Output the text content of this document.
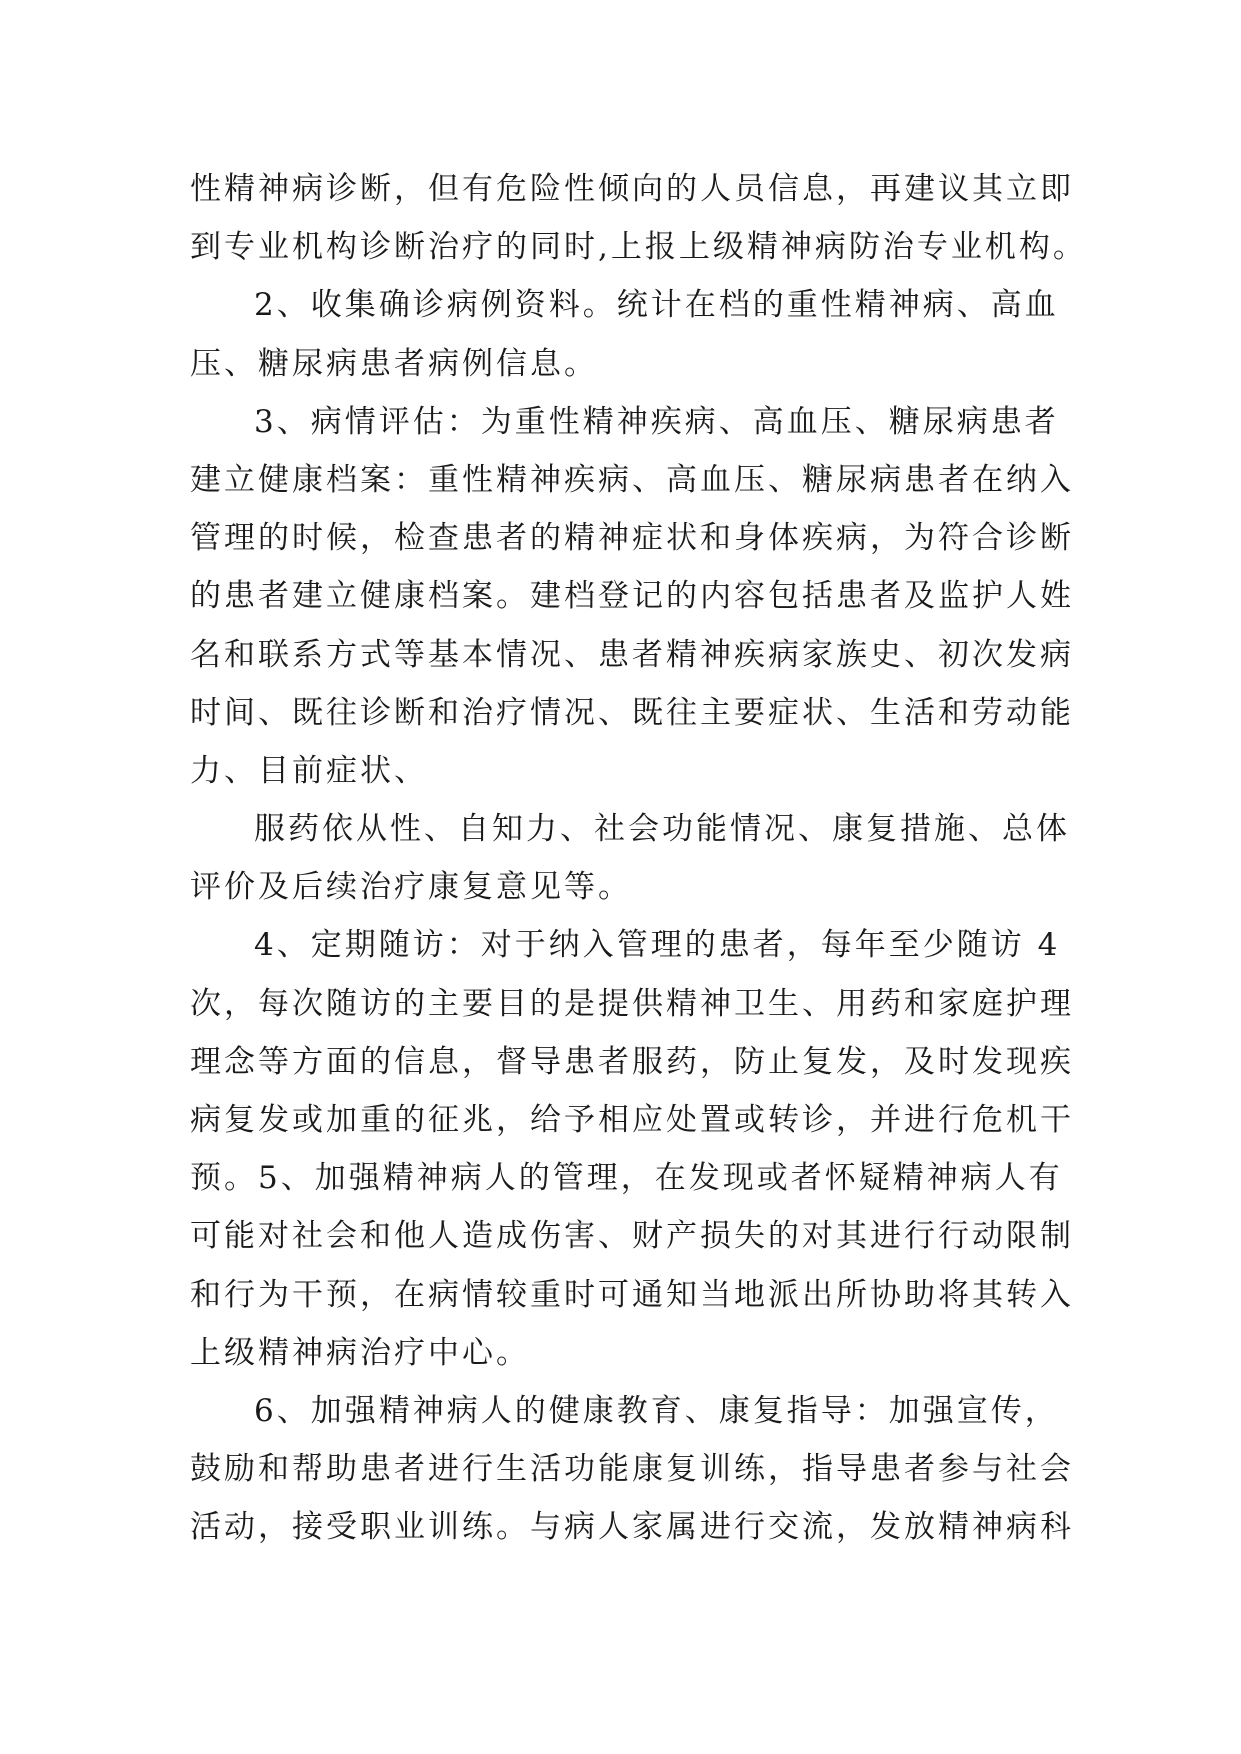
性精神病诊断，但有危险性倾向的人员信息，再建议其立即
到专业机构诊断治疗的同时,上报上级精神病防治专业机构。
2、收集确诊病例资料。统计在档的重性精神病、高血
压、糖尿病患者病例信息。
3、病情评估：为重性精神疾病、高血压、糖尿病患者
建立健康档案：重性精神疾病、高血压、糖尿病患者在纳入
管理的时候，检查患者的精神症状和身体疾病，为符合诊断
的患者建立健康档案。建档登记的内容包括患者及监护人姓
名和联系方式等基本情况、患者精神疾病家族史、初次发病
时间、既往诊断和治疗情况、既往主要症状、生活和劳动能
力、目前症状、
服药依从性、自知力、社会功能情况、康复措施、总体
评价及后续治疗康复意见等。
4、定期随访：对于纳入管理的患者，每年至少随访 4
次，每次随访的主要目的是提供精神卫生、用药和家庭护理
理念等方面的信息，督导患者服药，防止复发，及时发现疾
病复发或加重的征兆，给予相应处置或转诊，并进行危机干
预。5、加强精神病人的管理，在发现或者怀疑精神病人有
可能对社会和他人造成伤害、财产损失的对其进行行动限制
和行为干预，在病情较重时可通知当地派出所协助将其转入
上级精神病治疗中心。
6、加强精神病人的健康教育、康复指导：加强宣传，
鼓励和帮助患者进行生活功能康复训练，指导患者参与社会
活动，接受职业训练。与病人家属进行交流，发放精神病科
